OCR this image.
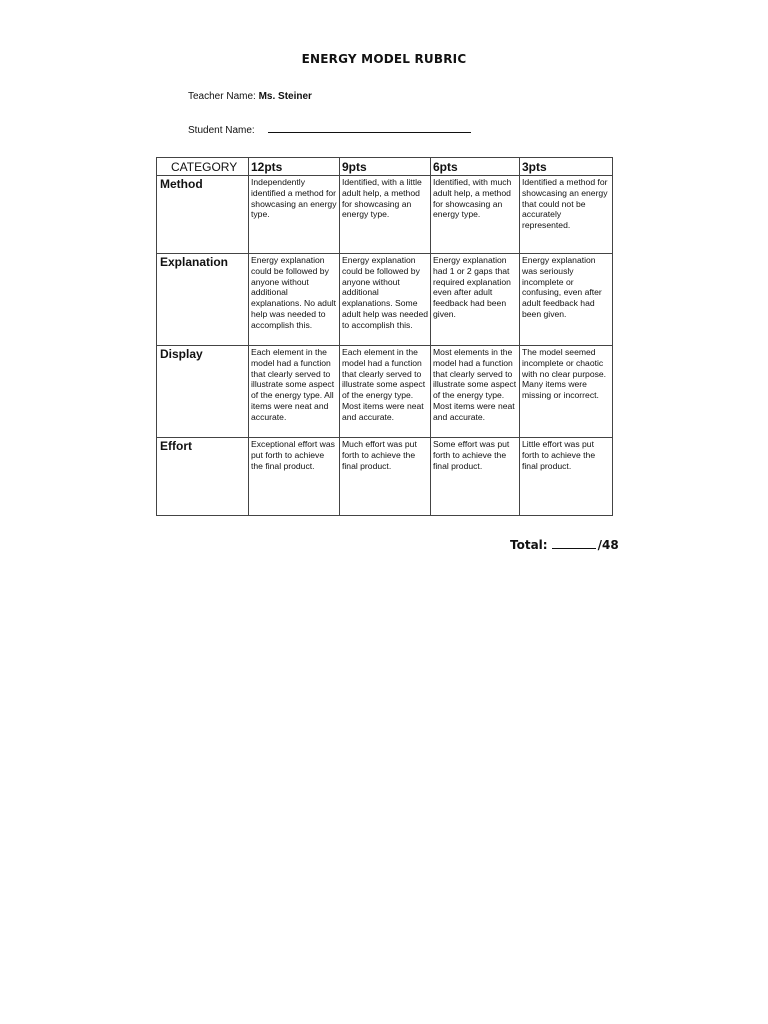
ENERGY MODEL RUBRIC
Teacher Name: Ms. Steiner
Student Name:
CATEGORY	12pts	9pts	6pts	3pts
Method	Independently identified a method for showcasing an energy type.	Identified, with a little adult help, a method for showcasing an energy type.	Identified, with much adult help, a method for showcasing an energy type.	Identified a method for showcasing an energy that could not be accurately represented.
Explanation	Energy explanation could be followed by anyone without additional explanations. No adult help was needed to accomplish this.	Energy explanation could be followed by anyone without additional explanations. Some adult help was needed to accomplish this.	Energy explanation had 1 or 2 gaps that required explanation even after adult feedback had been given.	Energy explanation was seriously incomplete or confusing, even after adult feedback had been given.
Display	Each element in the model had a function that clearly served to illustrate some aspect of the energy type. All items were neat and accurate.	Each element in the model had a function that clearly served to illustrate some aspect of the energy type. Most items were neat and accurate.	Most elements in the model had a function that clearly served to illustrate some aspect of the energy type. Most items were neat and accurate.	The model seemed incomplete or chaotic with no clear purpose. Many items were missing or incorrect.
Effort	Exceptional effort was put forth to achieve the final product.	Much effort was put forth to achieve the final product.	Some effort was put forth to achieve the final product.	Little effort was put forth to achieve the final product.
Total:	/48
